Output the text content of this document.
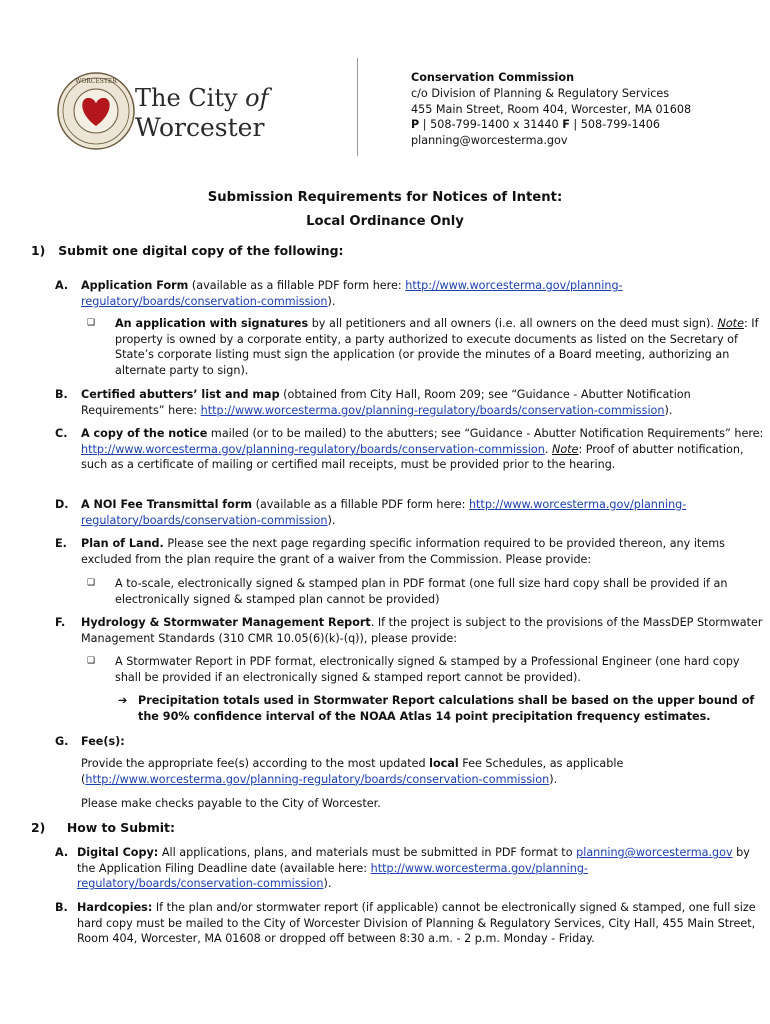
WORCESTER
The City of
Worcester
Conservation Commission
c/o Division of Planning & Regulatory Services
455 Main Street, Room 404, Worcester, MA 01608
P | 508-799-1400 x 31440 F | 508-799-1406
planning@worcesterma.gov
Submission Requirements for Notices of Intent:
Local Ordinance Only
1) Submit one digital copy of the following:
A. Application Form (available as a fillable PDF form here: http://www.worcesterma.gov/planning-regulatory/boards/conservation-commission).
❑ An application with signatures by all petitioners and all owners (i.e. all owners on the deed must sign). Note: If property is owned by a corporate entity, a party authorized to execute documents as listed on the Secretary of State’s corporate listing must sign the application (or provide the minutes of a Board meeting, authorizing an alternate party to sign).
B. Certified abutters’ list and map (obtained from City Hall, Room 209; see “Guidance - Abutter Notification Requirements” here: http://www.worcesterma.gov/planning-regulatory/boards/conservation-commission).
C. A copy of the notice mailed (or to be mailed) to the abutters; see “Guidance - Abutter Notification Requirements” here: http://www.worcesterma.gov/planning-regulatory/boards/conservation-commission. Note: Proof of abutter notification, such as a certificate of mailing or certified mail receipts, must be provided prior to the hearing.
D. A NOI Fee Transmittal form (available as a fillable PDF form here: http://www.worcesterma.gov/planning-regulatory/boards/conservation-commission).
E. Plan of Land. Please see the next page regarding specific information required to be provided thereon, any items excluded from the plan require the grant of a waiver from the Commission. Please provide:
❑ A to-scale, electronically signed & stamped plan in PDF format (one full size hard copy shall be provided if an electronically signed & stamped plan cannot be provided)
F. Hydrology & Stormwater Management Report. If the project is subject to the provisions of the MassDEP Stormwater Management Standards (310 CMR 10.05(6)(k)-(q)), please provide:
❑ A Stormwater Report in PDF format, electronically signed & stamped by a Professional Engineer (one hard copy shall be provided if an electronically signed & stamped report cannot be provided).
➔ Precipitation totals used in Stormwater Report calculations shall be based on the upper bound of the 90% confidence interval of the NOAA Atlas 14 point precipitation frequency estimates.
G. Fee(s):
Provide the appropriate fee(s) according to the most updated local Fee Schedules, as applicable (http://www.worcesterma.gov/planning-regulatory/boards/conservation-commission).
Please make checks payable to the City of Worcester.
2) How to Submit:
A. Digital Copy: All applications, plans, and materials must be submitted in PDF format to planning@worcesterma.gov by the Application Filing Deadline date (available here: http://www.worcesterma.gov/planning-regulatory/boards/conservation-commission).
B. Hardcopies: If the plan and/or stormwater report (if applicable) cannot be electronically signed & stamped, one full size hard copy must be mailed to the City of Worcester Division of Planning & Regulatory Services, City Hall, 455 Main Street, Room 404, Worcester, MA 01608 or dropped off between 8:30 a.m. - 2 p.m. Monday - Friday.
